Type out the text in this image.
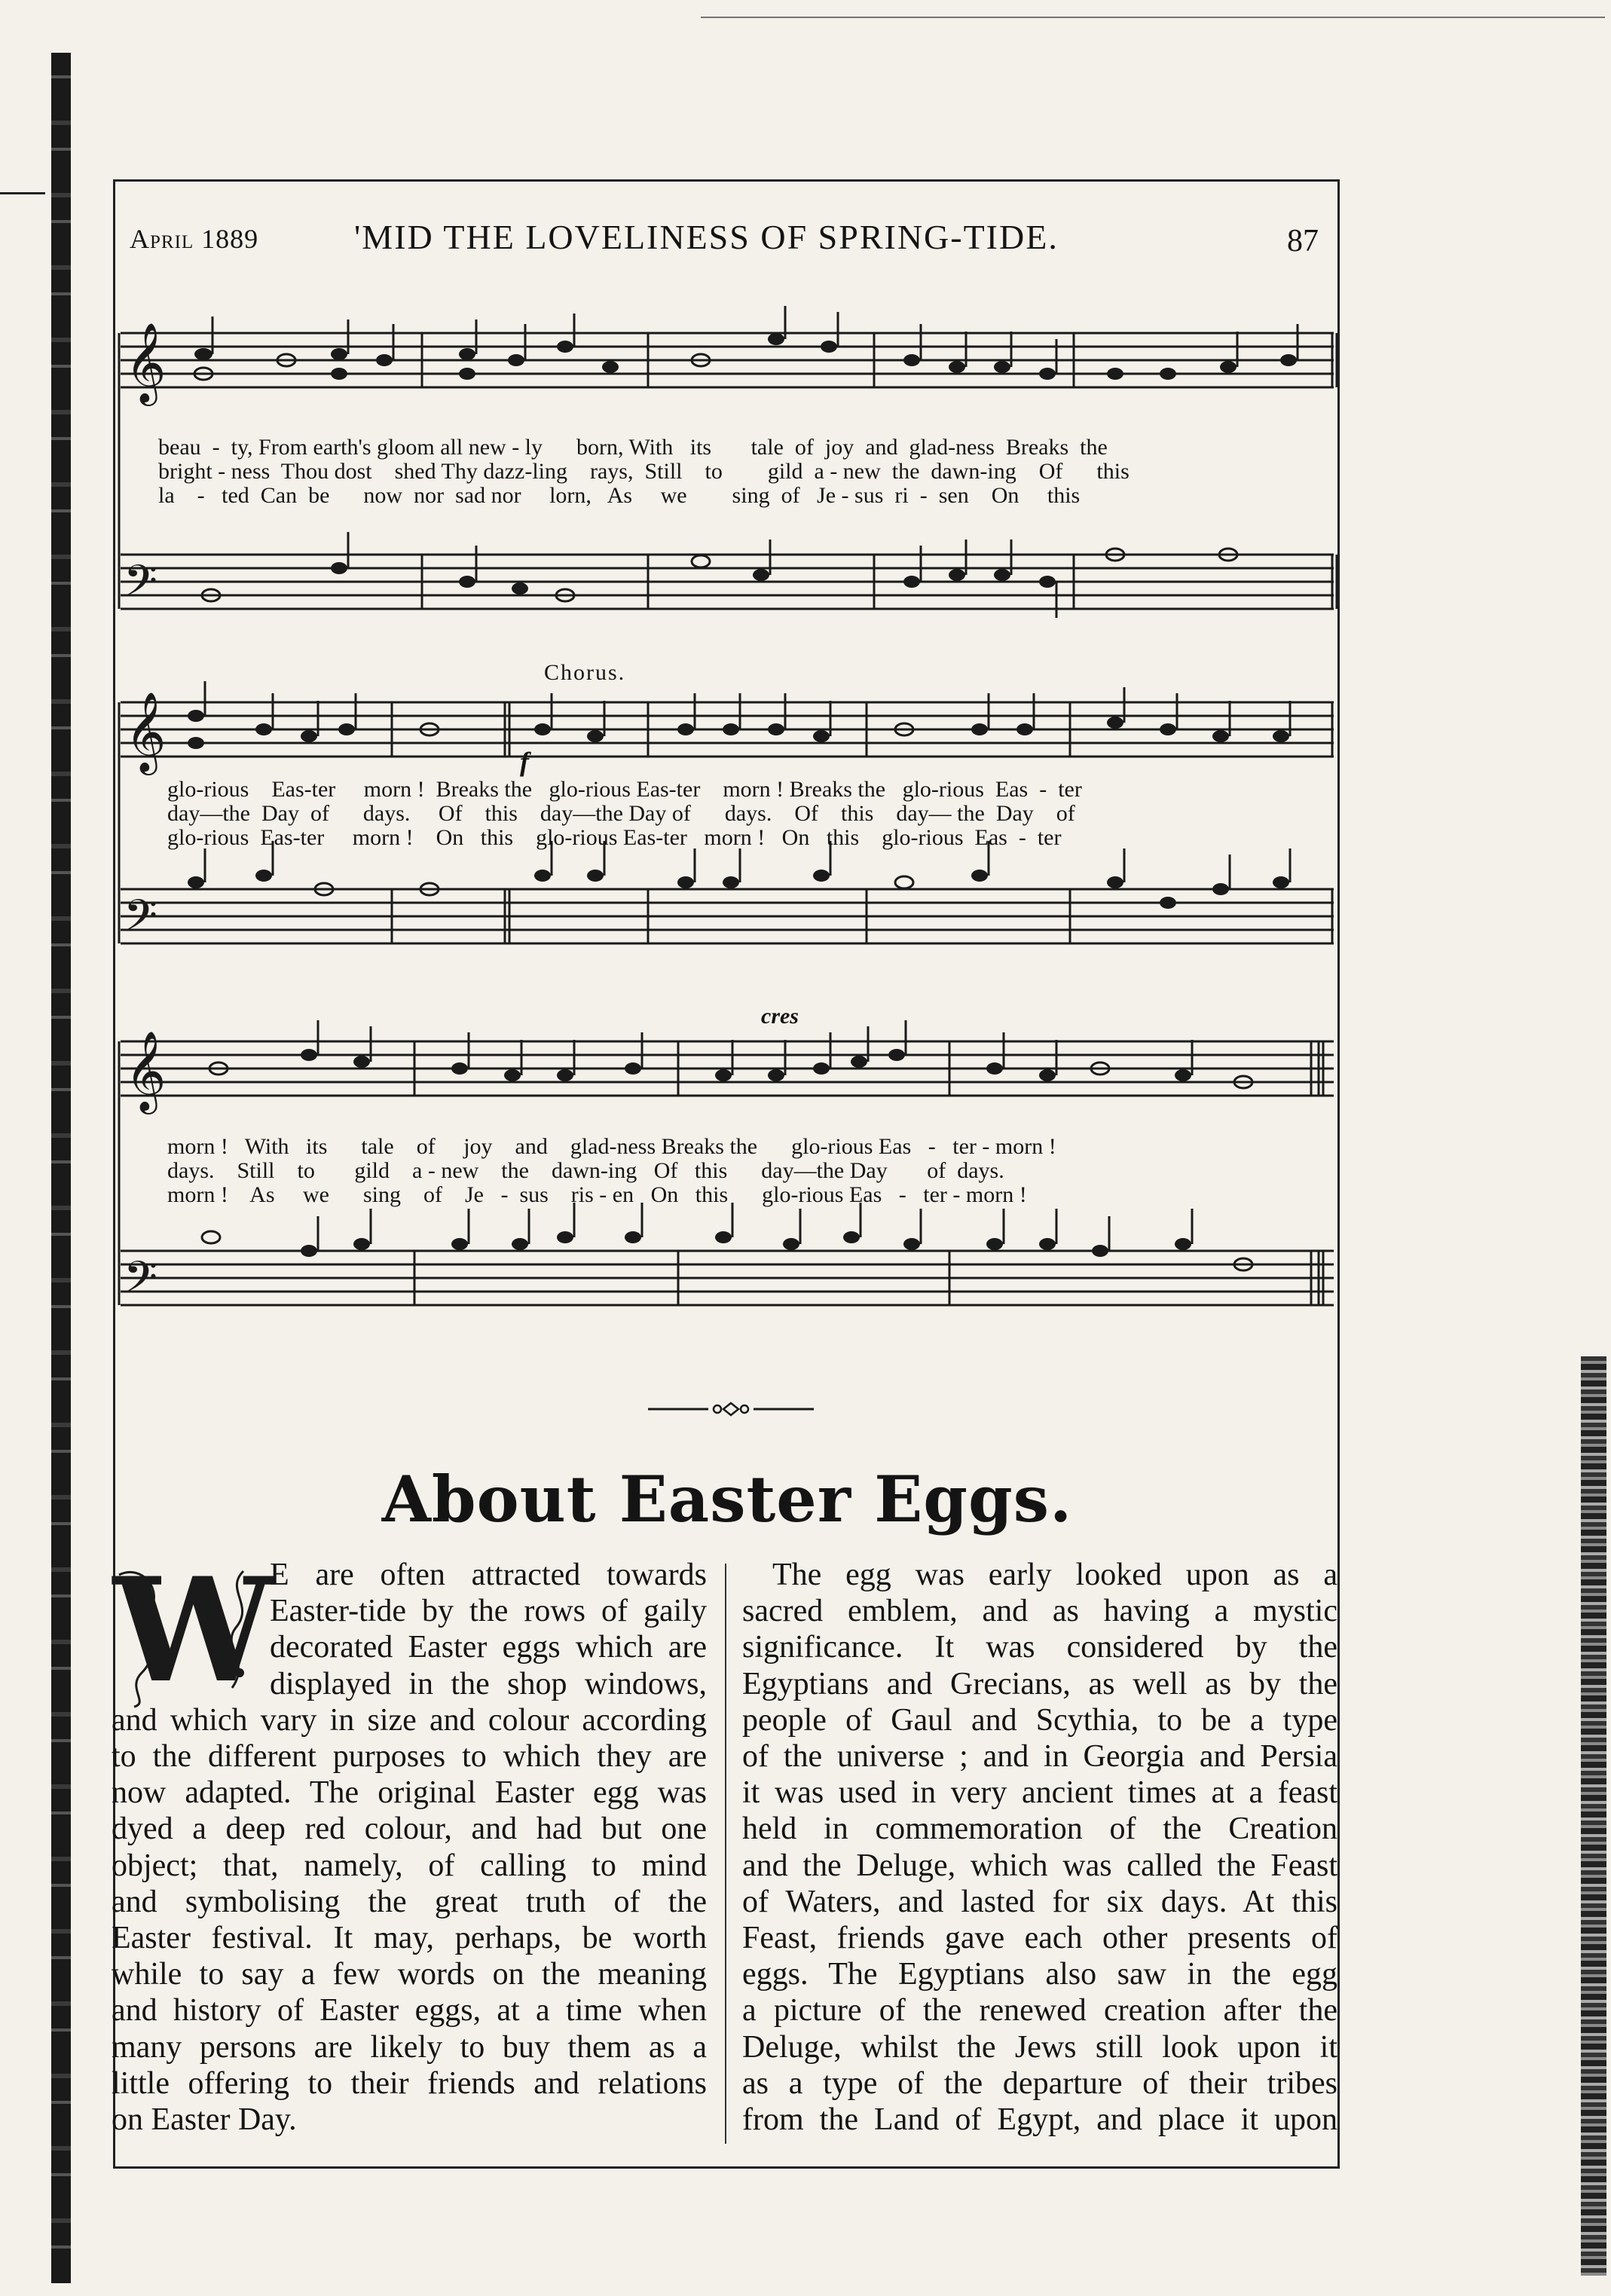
April 1889	'MID THE LOVELINESS OF SPRING-TIDE.	87
𝄞
𝄢
beau  -  ty, From earth's gloom all new - ly      born, With   its       tale  of  joy  and  glad-ness  Breaks  the
bright - ness  Thou dost    shed Thy dazz-ling    rays,  Still    to        gild  a - new  the  dawn-ing    Of      this
la    -   ted  Can  be      now  nor  sad nor     lorn,   As     we        sing  of   Je - sus  ri  -  sen    On     this
Chorus.
f
𝄞
𝄢
glo-rious    Eas-ter     morn !  Breaks the   glo-rious Eas-ter    morn ! Breaks the   glo-rious  Eas  -  ter
day—the  Day  of      days.     Of    this    day—the Day of      days.    Of    this    day— the  Day    of
glo-rious  Eas-ter     morn !    On   this    glo-rious Eas-ter   morn !   On   this    glo-rious  Eas  -  ter
cres
𝄞
𝄢
morn !   With   its      tale    of     joy    and    glad-ness Breaks the      glo-rious Eas   -   ter - morn !
days.    Still    to       gild    a - new    the    dawn-ing   Of   this      day—the Day       of  days.
morn !    As     we      sing    of    Je   -  sus    ris - en   On   this      glo-rious Eas   -   ter - morn !
About Easter Eggs.
W
E are often attracted towards
Easter-tide by the rows of gaily
decorated Easter eggs which are
displayed in the shop windows,
and which vary in size and colour according
to the different purposes to which they are
now adapted. The original Easter egg was
dyed a deep red colour, and had but one
object; that, namely, of calling to mind
and symbolising the great truth of the
Easter festival. It may, perhaps, be worth
while to say a few words on the meaning
and history of Easter eggs, at a time when
many persons are likely to buy them as a
little offering to their friends and relations
on Easter Day.
The egg was early looked upon as a
sacred emblem, and as having a mystic
significance. It was considered by the
Egyptians and Grecians, as well as by the
people of Gaul and Scythia, to be a type
of the universe ; and in Georgia and Persia
it was used in very ancient times at a feast
held in commemoration of the Creation
and the Deluge, which was called the Feast
of Waters, and lasted for six days. At this
Feast, friends gave each other presents of
eggs. The Egyptians also saw in the egg
a picture of the renewed creation after the
Deluge, whilst the Jews still look upon it
as a type of the departure of their tribes
from the Land of Egypt, and place it upon
